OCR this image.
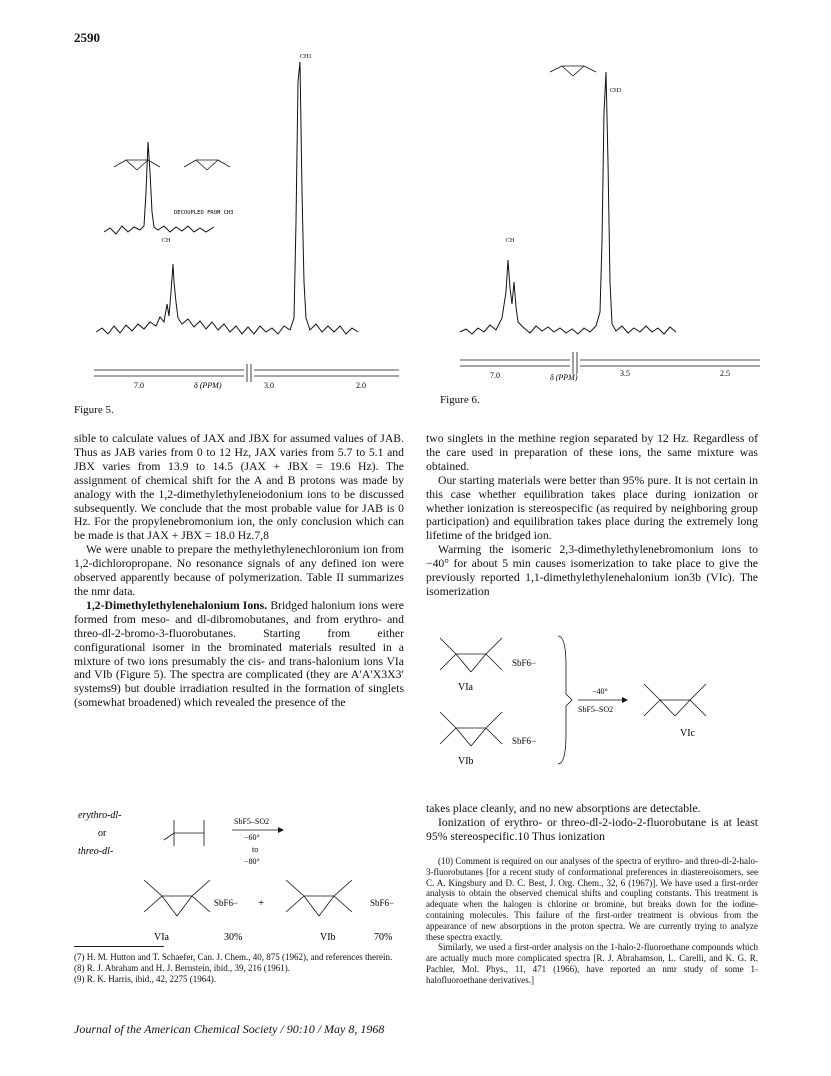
2590
CH3
CH
DECOUPLED FROM CH3
7.0	δ (PPM)	3.0	2.0
Figure 5.
CH3
CH
7.0	δ (PPM)	3.5	2.5
Figure 6.

sible to calculate values of JAX and JBX for assumed values of JAB. Thus as JAB varies from 0 to 12 Hz, JAX varies from 5.7 to 5.1 and JBX varies from 13.9 to 14.5 (JAX + JBX = 19.6 Hz). The assignment of chemical shift for the A and B protons was made by analogy with the 1,2-dimethylethyleneiodonium ions to be discussed subsequently. We conclude that the most probable value for JAB is 0 Hz. For the propylenebromonium ion, the only conclusion which can be made is that JAX + JBX = 18.0 Hz.7,8

We were unable to prepare the methylethylenechloronium ion from 1,2-dichloropropane. No resonance signals of any defined ion were observed apparently because of polymerization. Table II summarizes the nmr data.

1,2-Dimethylethylenehalonium Ions. Bridged halonium ions were formed from meso- and dl-dibromobutanes, and from erythro- and threo-dl-2-bromo-3-fluorobutanes. Starting from either configurational isomer in the brominated materials resulted in a mixture of two ions presumably the cis- and trans-halonium ions VIa and VIb (Figure 5). The spectra are complicated (they are A′A′X3X3′ systems9) but double irradiation resulted in the formation of singlets (somewhat broadened) which revealed the presence of the

erythro-dl-
or
threo-dl-
SbF5–SO2
−60°
to
−80°
SbF6− +	SbF6−
VIa	30%	VIb	70%

(7) H. M. Hutton and T. Schaefer, Can. J. Chem., 40, 875 (1962), and references therein.

(8) R. J. Abraham and H. J. Bernstein, ibid., 39, 216 (1961).

(9) R. K. Harris, ibid., 42, 2275 (1964).

two singlets in the methine region separated by 12 Hz. Regardless of the care used in preparation of these ions, the same mixture was obtained.

Our starting materials were better than 95% pure. It is not certain in this case whether equilibration takes place during ionization or whether ionization is stereospecific (as required by neighboring group participation) and equilibration takes place during the extremely long lifetime of the bridged ion.

Warming the isomeric 2,3-dimethylethylenebromonium ions to −40° for about 5 min causes isomerization to take place to give the previously reported 1,1-dimethylethylenehalonium ion3b (VIc). The isomerization

SbF6−
VIa
SbF6−
VIb
−40°
SbF5–SO2
VIc

takes place cleanly, and no new absorptions are detectable.

Ionization of erythro- or threo-dl-2-iodo-2-fluorobutane is at least 95% stereospecific.10 Thus ionization

(10) Comment is required on our analyses of the spectra of erythro- and threo-dl-2-halo-3-fluorobutanes [for a recent study of conformational preferences in diastereoisomers, see C. A. Kingsbury and D. C. Best, J. Org. Chem., 32, 6 (1967)]. We have used a first-order analysis to obtain the observed chemical shifts and coupling constants. This treatment is adequate when the halogen is chlorine or bromine, but breaks down for the iodine-containing molecules. This failure of the first-order treatment is obvious from the appearance of new absorptions in the proton spectra. We are currently trying to analyze these spectra exactly.

Similarly, we used a first-order analysis on the 1-halo-2-fluoroethane compounds which are actually much more complicated spectra [R. J. Abrahamson, L. Carelli, and K. G. R. Pachler, Mol. Phys., 11, 471 (1966), have reported an nmr study of some 1-halofluoroethane derivatives.]

Journal of the American Chemical Society / 90:10 / May 8, 1968
